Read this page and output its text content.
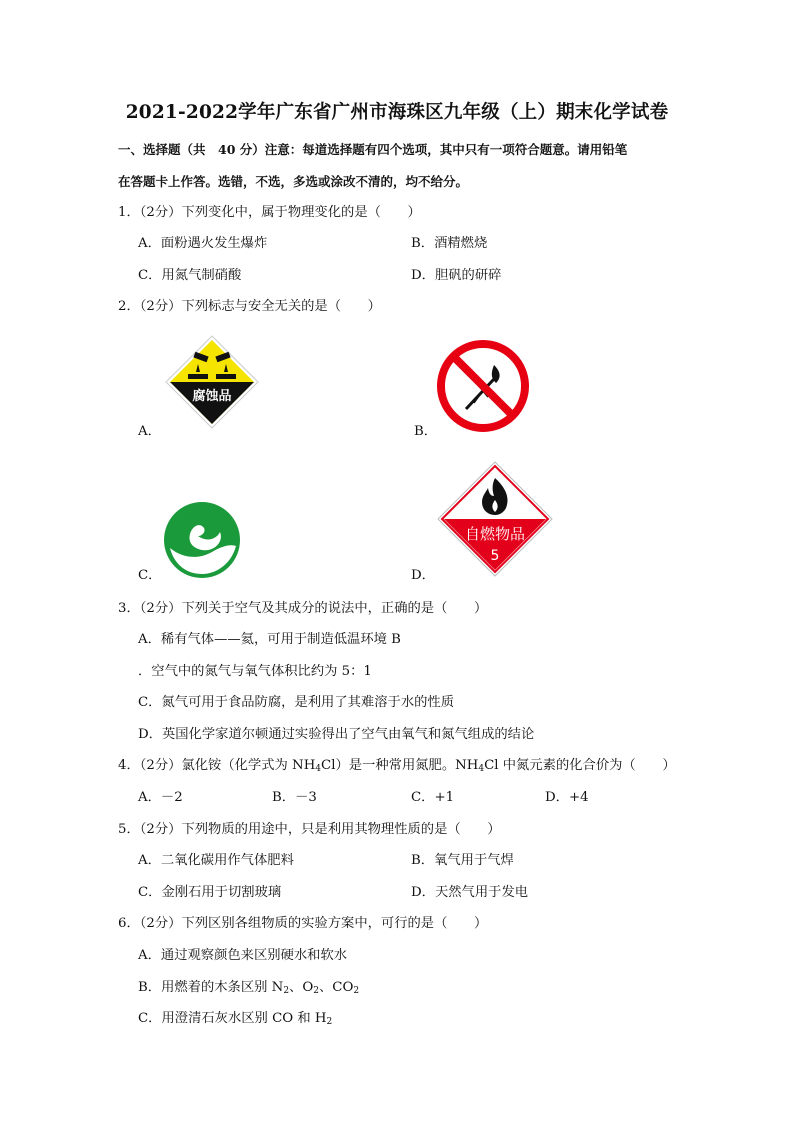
2021-2022学年广东省广州市海珠区九年级（上）期末化学试卷
一、选择题（共　40 分）注意：每道选择题有四个选项，其中只有一项符合题意。请用铅笔
在答题卡上作答。选错，不选，多选或涂改不清的，均不给分。
1．（2分）下列变化中，属于物理变化的是（　　）
A．面粉遇火发生爆炸	B．酒精燃烧
C．用氮气制硝酸	D．胆矾的研碎
2．（2分）下列标志与安全无关的是（　　）
A．	B．
C．	D．
腐蚀品
自燃物品
5
3．（2分）下列关于空气及其成分的说法中，正确的是（　　）
A．稀有气体——氦，可用于制造低温环境 B
．空气中的氮气与氧气体积比约为 5：1
C．氮气可用于食品防腐，是利用了其难溶于水的性质
D．英国化学家道尔顿通过实验得出了空气由氧气和氮气组成的结论
4．（2分）氯化铵（化学式为 $NH_4Cl$）是一种常用氮肥。$NH_4Cl$ 中氮元素的化合价为（　　）
A．－2	B．－3	C．+1	D．+4
5．（2分）下列物质的用途中，只是利用其物理性质的是（　　）
A．二氧化碳用作气体肥料	B．氧气用于气焊
C．金刚石用于切割玻璃	D．天然气用于发电
6．（2分）下列区别各组物质的实验方案中，可行的是（　　）
A．通过观察颜色来区别硬水和软水
B．用燃着的木条区别 $N_2$、$O_2$、$CO_2$
C．用澄清石灰水区别 CO 和 $H_2$
